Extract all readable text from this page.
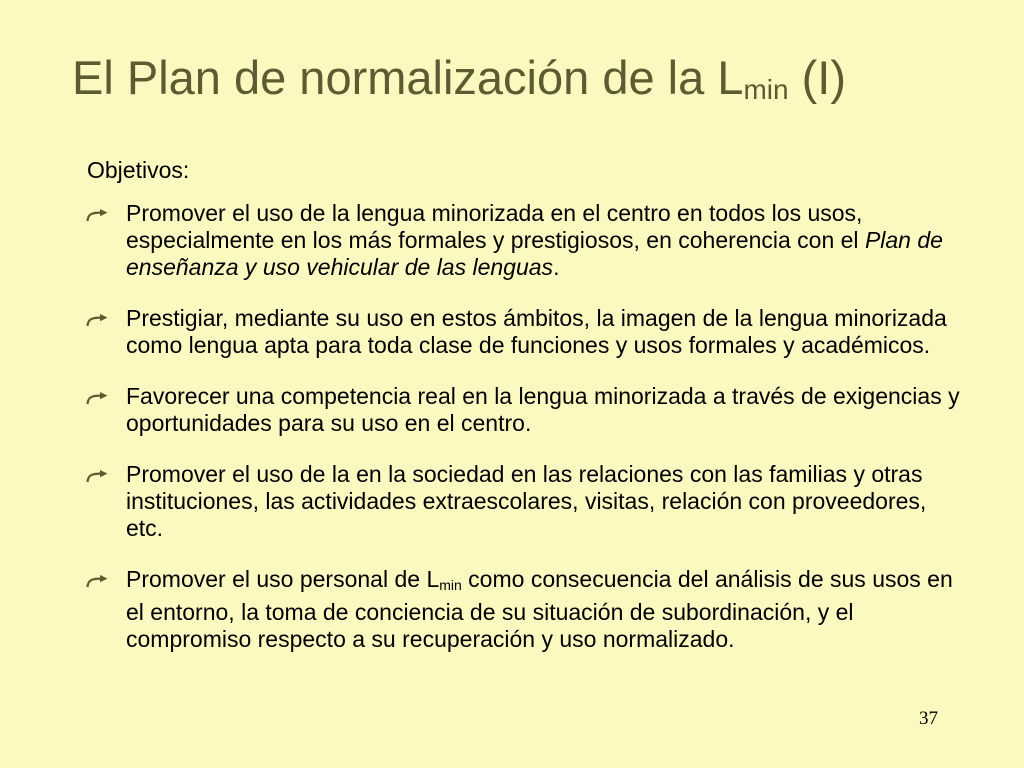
El Plan de normalización de la Lmin (I)
Objetivos:
Promover el uso de la lengua minorizada en el centro en todos los usos, especialmente en los más formales y prestigiosos, en coherencia con el Plan de enseñanza y uso vehicular de las lenguas.
Prestigiar, mediante su uso en estos ámbitos, la imagen de la lengua minorizada como lengua apta para toda clase de funciones y usos formales y académicos.
Favorecer una competencia real en la lengua minorizada a través de exigencias y oportunidades para su uso en el centro.
Promover el uso de la en la sociedad en las relaciones con las familias y otras instituciones, las actividades extraescolares, visitas, relación con proveedores, etc.
Promover el uso personal de $L_{min}$ como consecuencia del análisis de sus usos en el entorno, la toma de conciencia de su situación de subordinación, y el compromiso respecto a su recuperación y uso normalizado.
37
